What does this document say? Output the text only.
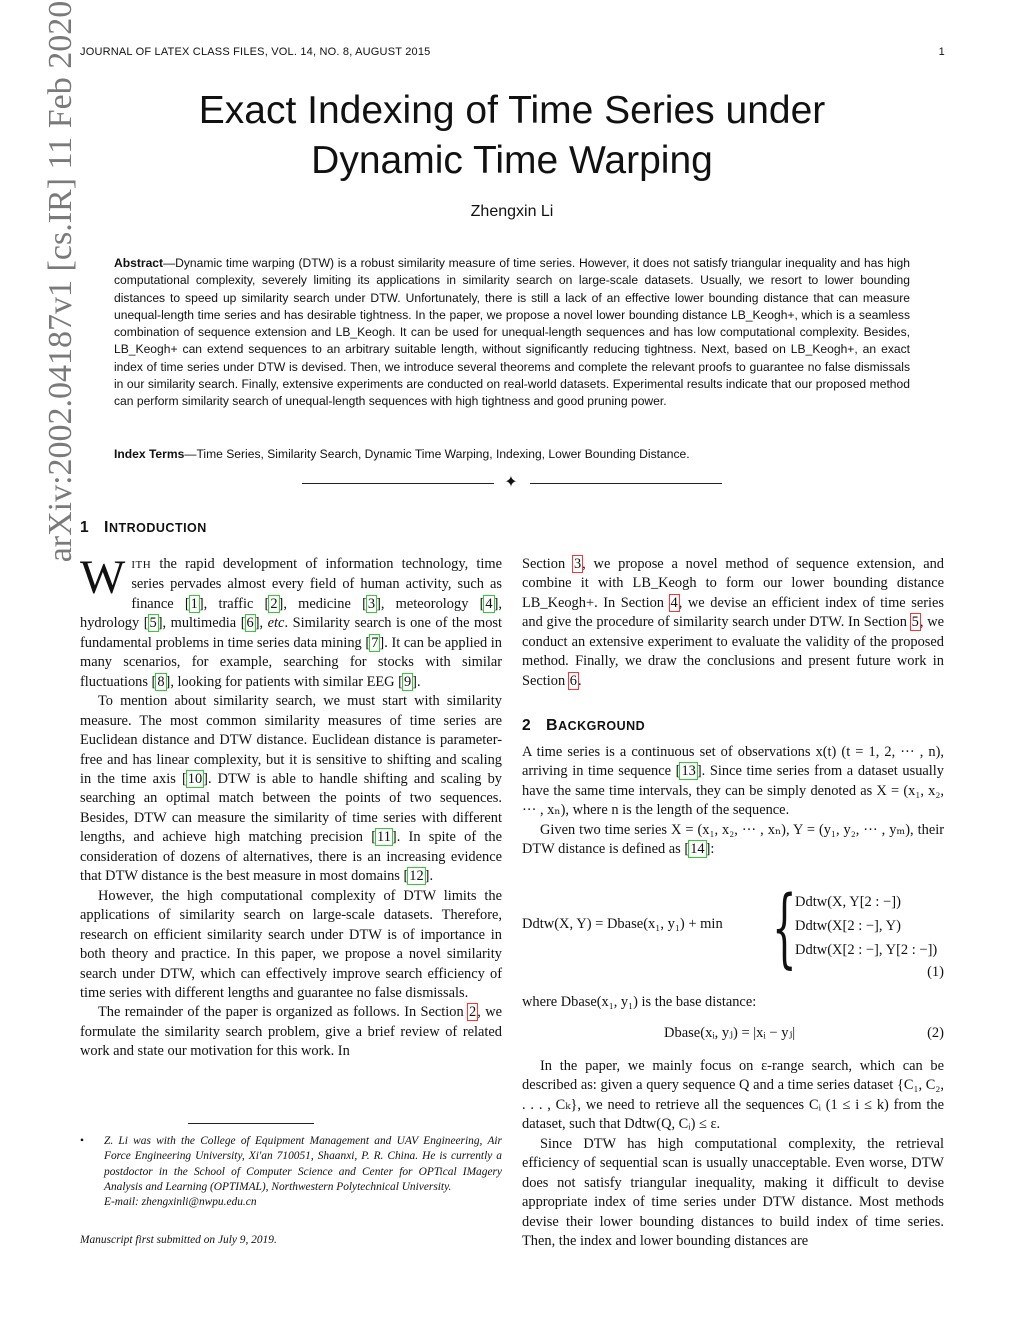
JOURNAL OF LATEX CLASS FILES, VOL. 14, NO. 8, AUGUST 2015	1
arXiv:2002.04187v1 [cs.IR] 11 Feb 2020	Exact Indexing of Time Series under
Dynamic Time Warping
Zhengxin Li

Abstract—Dynamic time warping (DTW) is a robust similarity measure of time series. However, it does not satisfy triangular inequality and has high computational complexity, severely limiting its applications in similarity search on large-scale datasets. Usually, we resort to lower bounding distances to speed up similarity search under DTW. Unfortunately, there is still a lack of an effective lower bounding distance that can measure unequal-length time series and has desirable tightness. In the paper, we propose a novel lower bounding distance LB_Keogh+, which is a seamless combination of sequence extension and LB_Keogh. It can be used for unequal-length sequences and has low computational complexity. Besides, LB_Keogh+ can extend sequences to an arbitrary suitable length, without significantly reducing tightness. Next, based on LB_Keogh+, an exact index of time series under DTW is devised. Then, we introduce several theorems and complete the relevant proofs to guarantee no false dismissals in our similarity search. Finally, extensive experiments are conducted on real-world datasets. Experimental results indicate that our proposed method can perform similarity search of unequal-length sequences with high tightness and good pruning power.

Index Terms—Time Series, Similarity Search, Dynamic Time Warping, Indexing, Lower Bounding Distance.

✦
1 INTRODUCTION

WITH the rapid development of information technology, time series pervades almost every field of human activity, such as finance [1], traffic [2], medicine [3], meteorology [4], hydrology [5], multimedia [6], etc. Similarity search is one of the most fundamental problems in time series data mining [7]. It can be applied in many scenarios, for example, searching for stocks with similar fluctuations [8], looking for patients with similar EEG [9].

To mention about similarity search, we must start with similarity measure. The most common similarity measures of time series are Euclidean distance and DTW distance. Euclidean distance is parameter-free and has linear complexity, but it is sensitive to shifting and scaling in the time axis [10]. DTW is able to handle shifting and scaling by searching an optimal match between the points of two sequences. Besides, DTW can measure the similarity of time series with different lengths, and achieve high matching precision [11]. In spite of the consideration of dozens of alternatives, there is an increasing evidence that DTW distance is the best measure in most domains [12].

However, the high computational complexity of DTW limits the applications of similarity search on large-scale datasets. Therefore, research on efficient similarity search under DTW is of importance in both theory and practice. In this paper, we propose a novel similarity search under DTW, which can effectively improve search efficiency of time series with different lengths and guarantee no false dismissals.

The remainder of the paper is organized as follows. In Section 2, we formulate the similarity search problem, give a brief review of related work and state our motivation for this work. In

Section 3, we propose a novel method of sequence extension, and combine it with LB_Keogh to form our lower bounding distance LB_Keogh+. In Section 4, we devise an efficient index of time series and give the procedure of similarity search under DTW. In Section 5, we conduct an extensive experiment to evaluate the validity of the proposed method. Finally, we draw the conclusions and present future work in Section 6.

2 BACKGROUND

A time series is a continuous set of observations x(t) (t = 1, 2, ··· , n), arriving in time sequence [13]. Since time series from a dataset usually have the same time intervals, they can be simply denoted as X = (x₁, x₂, ··· , xₙ), where n is the length of the sequence.

Given two time series X = (x₁, x₂, ··· , xₙ), Y = (y₁, y₂, ··· , yₘ), their DTW distance is defined as [14]:

Ddtw(X, Y) = Dbase(x₁, y₁) + min {
Ddtw(X, Y[2 : −])
Ddtw(X[2 : −], Y)
Ddtw(X[2 : −], Y[2 : −])
(1)

where Dbase(x₁, y₁) is the base distance:

Dbase(xᵢ, yⱼ) = |xᵢ − yⱼ|	(2)

In the paper, we mainly focus on ε-range search, which can be described as: given a query sequence Q and a time series dataset {C₁, C₂, . . . , Cₖ}, we need to retrieve all the sequences Cᵢ (1 ≤ i ≤ k) from the dataset, such that Ddtw(Q, Cᵢ) ≤ ε.

Since DTW has high computational complexity, the retrieval efficiency of sequential scan is usually unacceptable. Even worse, DTW does not satisfy triangular inequality, making it difficult to devise appropriate index of time series under DTW distance. Most methods devise their lower bounding distances to build index of time series. Then, the index and lower bounding distances are

• Z. Li was with the College of Equipment Management and UAV Engineering, Air Force Engineering University, Xi'an 710051, Shaanxi, P. R. China. He is currently a postdoctor in the School of Computer Science and Center for OPTical IMagery Analysis and Learning (OPTIMAL), Northwestern Polytechnical University.
E-mail: zhengxinli@nwpu.edu.cn
Manuscript first submitted on July 9, 2019.
